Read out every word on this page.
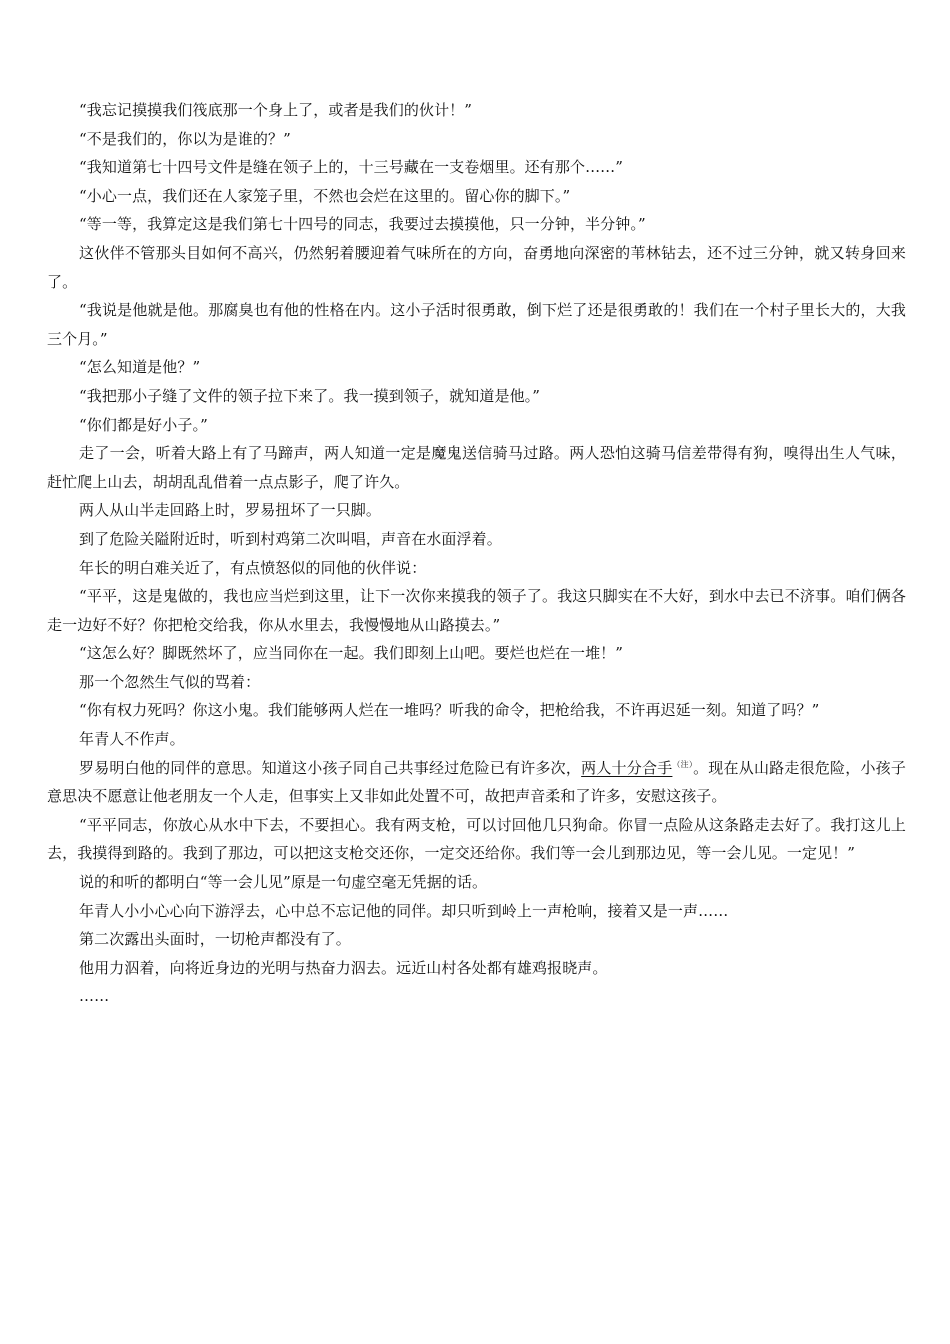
“我忘记摸摸我们筏底那一个身上了，或者是我们的伙计！”

“不是我们的，你以为是谁的？”

“我知道第七十四号文件是缝在领子上的，十三号藏在一支卷烟里。还有那个……”

“小心一点，我们还在人家笼子里，不然也会烂在这里的。留心你的脚下。”

“等一等，我算定这是我们第七十四号的同志，我要过去摸摸他，只一分钟，半分钟。”

这伙伴不管那头目如何不高兴，仍然躬着腰迎着气味所在的方向，奋勇地向深密的苇林钻去，还不过三分钟，就又转身回来了。

“我说是他就是他。那腐臭也有他的性格在内。这小子活时很勇敢，倒下烂了还是很勇敢的！我们在一个村子里长大的，大我三个月。”

“怎么知道是他？”

“我把那小子缝了文件的领子拉下来了。我一摸到领子，就知道是他。”

“你们都是好小子。”

走了一会，听着大路上有了马蹄声，两人知道一定是魔鬼送信骑马过路。两人恐怕这骑马信差带得有狗，嗅得出生人气味，赶忙爬上山去，胡胡乱乱借着一点点影子，爬了许久。

两人从山半走回路上时，罗易扭坏了一只脚。

到了危险关隘附近时，听到村鸡第二次叫唱，声音在水面浮着。

年长的明白难关近了，有点愤怒似的同他的伙伴说：

“平平，这是鬼做的，我也应当烂到这里，让下一次你来摸我的领子了。我这只脚实在不大好，到水中去已不济事。咱们俩各走一边好不好？你把枪交给我，你从水里去，我慢慢地从山路摸去。”

“这怎么好？脚既然坏了，应当同你在一起。我们即刻上山吧。要烂也烂在一堆！”

那一个忽然生气似的骂着：

“你有权力死吗？你这小鬼。我们能够两人烂在一堆吗？听我的命令，把枪给我，不许再迟延一刻。知道了吗？”

年青人不作声。

罗易明白他的同伴的意思。知道这小孩子同自己共事经过危险已有许多次，两人十分合手$^{(注)}$。现在从山路走很危险，小孩子意思决不愿意让他老朋友一个人走，但事实上又非如此处置不可，故把声音柔和了许多，安慰这孩子。

“平平同志，你放心从水中下去，不要担心。我有两支枪，可以讨回他几只狗命。你冒一点险从这条路走去好了。我打这儿上去，我摸得到路的。我到了那边，可以把这支枪交还你，一定交还给你。我们等一会儿到那边见，等一会儿见。一定见！”

说的和听的都明白“等一会儿见”原是一句虚空毫无凭据的话。

年青人小小心心向下游浮去，心中总不忘记他的同伴。却只听到岭上一声枪响，接着又是一声……

第二次露出头面时，一切枪声都没有了。

他用力泅着，向将近身边的光明与热奋力泅去。远近山村各处都有雄鸡报晓声。

……
